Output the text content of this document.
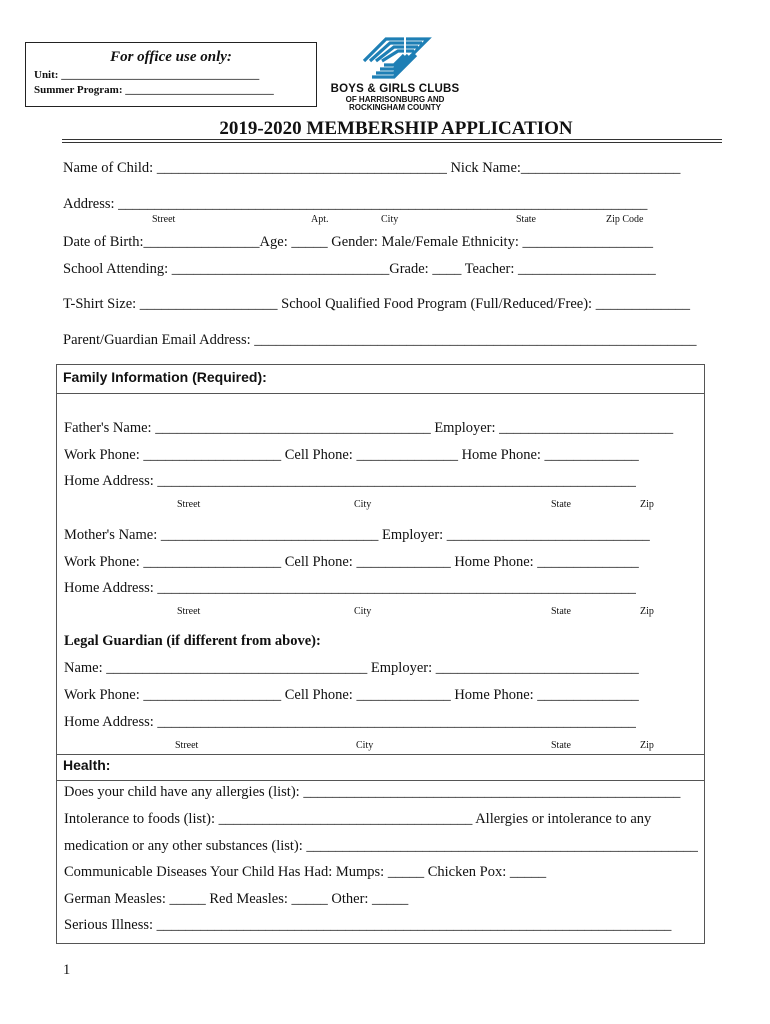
For office use only:
Unit: ____________________________________
Summer Program: ___________________________	BOYS & GIRLS CLUBS
OF HARRISONBURG AND
ROCKINGHAM COUNTY
2019-2020 MEMBERSHIP APPLICATION
Name of Child: ________________________________________ Nick Name:______________________
Address: _________________________________________________________________________
Street	Apt.	City	State	Zip Code
Date of Birth:________________Age: _____ Gender: Male/Female Ethnicity: __________________
School Attending: ______________________________Grade: ____ Teacher: ___________________
T-Shirt Size: ___________________ School Qualified Food Program (Full/Reduced/Free): _____________
Parent/Guardian Email Address: _____________________________________________________________
Family Information (Required):
Father's Name: ______________________________________ Employer: ________________________
Work Phone: ___________________ Cell Phone: ______________ Home Phone: _____________
Home Address: __________________________________________________________________
Street	City	State	Zip
Mother's Name: ______________________________ Employer: ____________________________
Work Phone: ___________________ Cell Phone: _____________ Home Phone: ______________
Home Address: __________________________________________________________________
Street	City	State	Zip
Legal Guardian (if different from above):
Name: ____________________________________ Employer: ____________________________
Work Phone: ___________________ Cell Phone: _____________ Home Phone: ______________
Home Address: __________________________________________________________________
Street	City	State	Zip
Health:
Does your child have any allergies (list): ____________________________________________________
Intolerance to foods (list): ___________________________________ Allergies or intolerance to any
medication or any other substances (list): ______________________________________________________
Communicable Diseases Your Child Has Had: Mumps: _____ Chicken Pox: _____
German Measles: _____ Red Measles: _____ Other: _____
Serious Illness: _______________________________________________________________________
1
